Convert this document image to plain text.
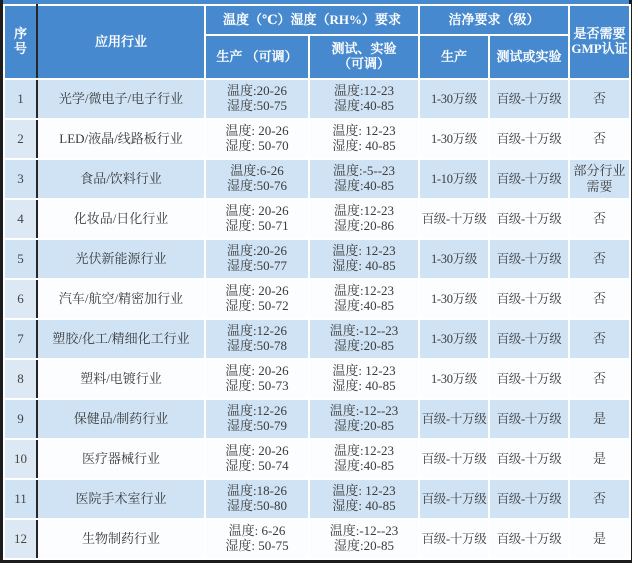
序
号	应用行业	温度（℃）湿度（RH%）要求		洁净要求（级）		是否需要
GMP认证

		生产 （可调）	测试、实验
（可调）	生产	测试或实验	
1	光学/微电子/电子行业	温度:20-26
湿度:50-75	温度:12-23
湿度:40-85	1-30万级	百级-十万级	否
2	LED/液晶/线路板行业	温度: 20-26
湿度: 50-70	温度: 12-23
湿度: 40-85	1-30万级	百级-十万级	否
3	食品/饮料行业	温度:6-26
湿度:50-76	温度:-5--23
湿度:40-85	1-10万级	百级-十万级	部分行业 需要
4	化妆品/日化行业	温度: 20-26
湿度: 50-71	温度:12-23
湿度:20-86	百级-十万级	百级-十万级	否
5	光伏新能源行业	温度:20-26
湿度:50-77	温度: 12-23
湿度: 40-85	1-30万级	百级-十万级	否
6	汽车/航空/精密加行业	温度: 20-26
湿度: 50-72	温度:12-23
湿度:40-85	1-30万级	百级-十万级	否
7	塑胶/化工/精细化工行业	温度:12-26
湿度:50-78	温度:-12--23
湿度:20-85	1-30万级	百级-十万级	否
8	塑料/电镀行业	温度: 20-26
湿度: 50-73	温度: 12-23
湿度: 40-85	1-30万级	百级-十万级	否
9	保健品/制药行业	温度:12-26
湿度:50-79	温度:-12--23
湿度:20-85	百级-十万级	百级-十万级	是
10	医疗器械行业	温度: 20-26
湿度: 50-74	温度:12-23
湿度:40-85	百级-十万级	百级-十万级	是
11	医院手术室行业	温度:18-26
湿度:50-80	温度: 12-23
湿度: 40-85	百级-十万级	百级-十万级	否
12	生物制药行业	温度: 6-26
湿度: 50-75	温度:-12--23
湿度:20-85	百级-十万级	百级-十万级	是
